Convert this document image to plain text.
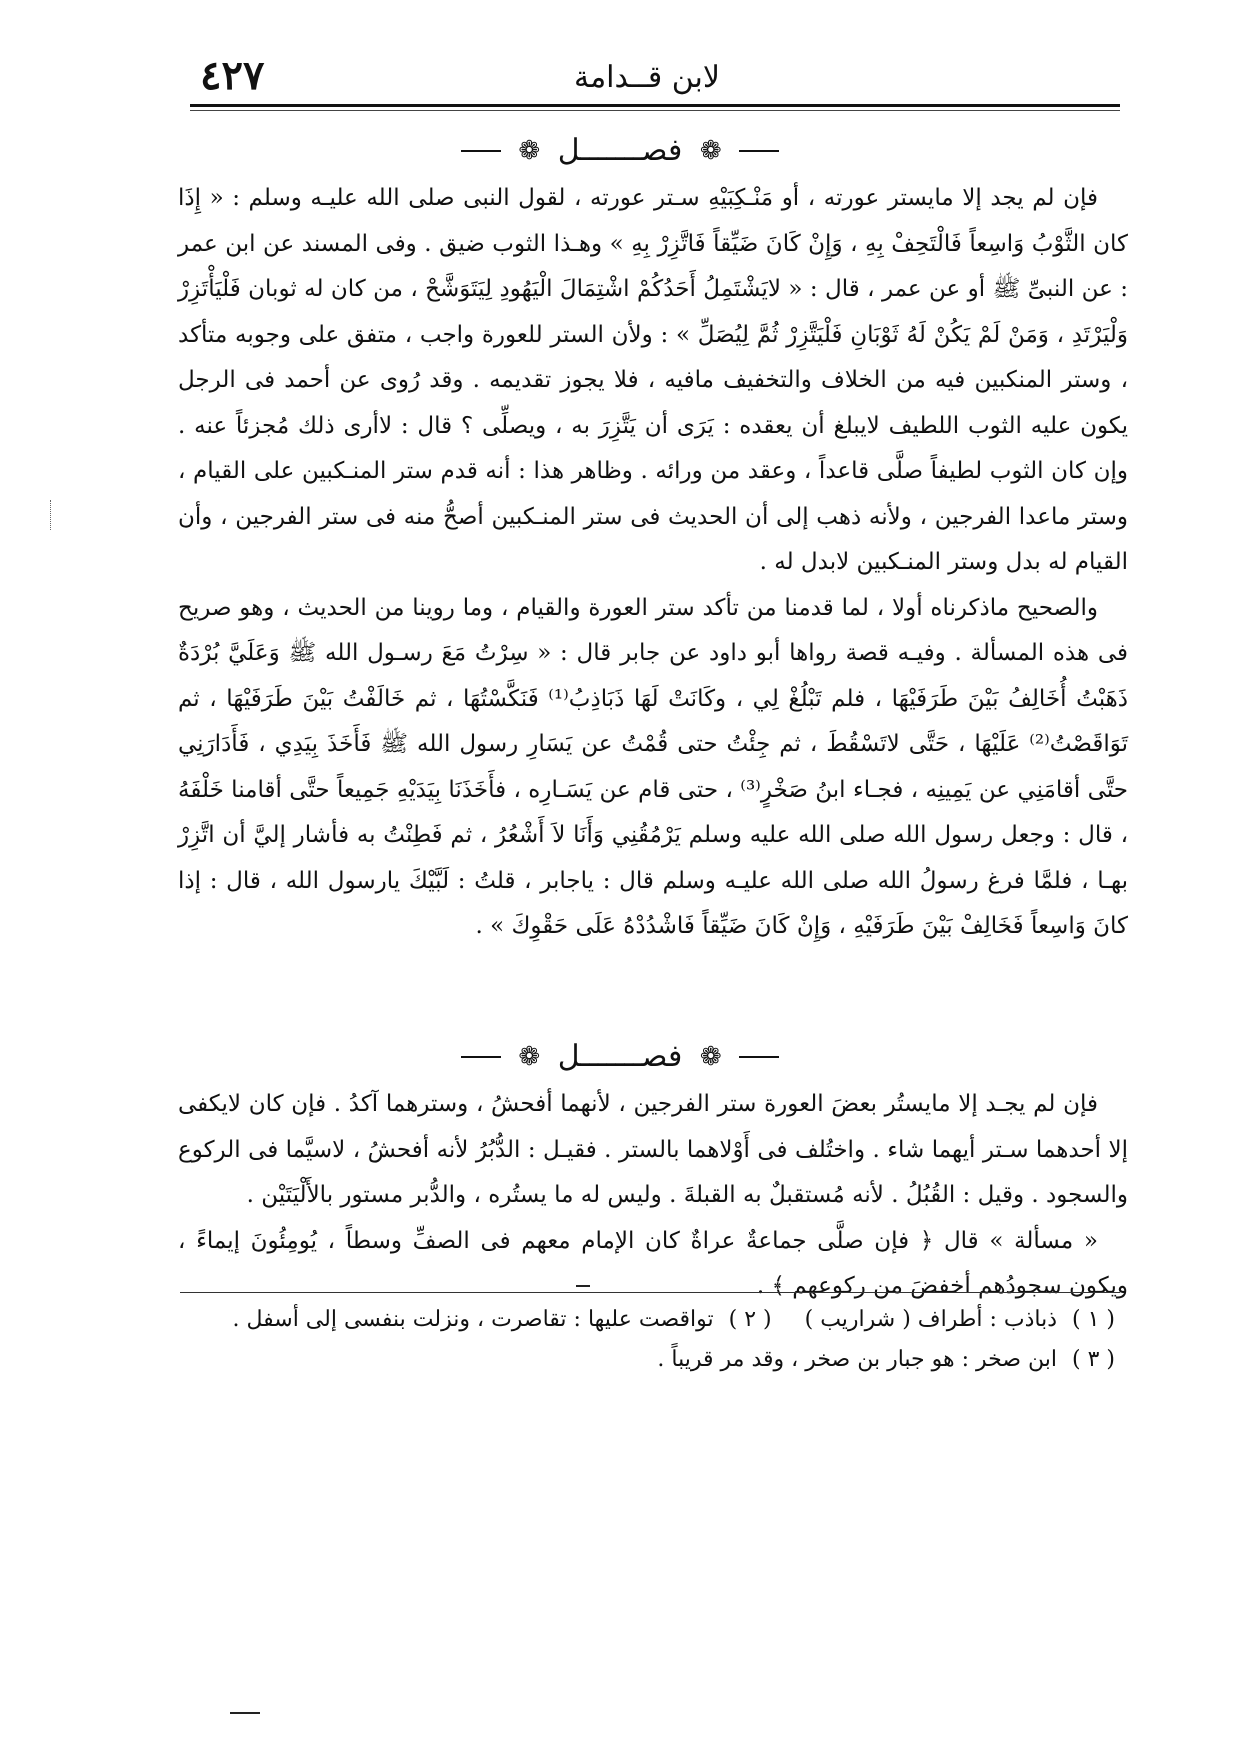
لابن قــدامة
٤٢٧
❁ فصـــــــل ❁

فإن لم يجد إلا مايستر عورته ، أو مَنْـكِبَيْهِ سـتر عورته ، لقول النبى صلى الله عليـه وسلم : « إِذَا كان الثَّوْبُ وَاسِعاً فَالْتَحِفْ بِهِ ، وَإِنْ كَانَ ضَيِّقاً فَاتَّزِرْ بِهِ » وهـذا الثوب ضيق . وفى المسند عن ابن عمر : عن النبىِّ ﷺ أو عن عمر ، قال : « لايَشْتَمِلُ أَحَدُكُمْ اشْتِمَالَ الْيَهُودِ لِيَتَوَشَّحْ ، من كان له ثوبان فَلْيَأْتَزِرْ وَلْيَرْتَدِ ، وَمَنْ لَمْ يَكُنْ لَهُ ثَوْبَانِ فَلْيَتَّزِرْ ثُمَّ لِيُصَلِّ » : ولأن الستر للعورة واجب ، متفق على وجوبه متأكد ، وستر المنكبين فيه من الخلاف والتخفيف مافيه ، فلا يجوز تقديمه . وقد رُوى عن أحمد فى الرجل يكون عليه الثوب اللطيف لايبلغ أن يعقده : يَرَى أن يَتَّزِرَ به ، ويصلِّى ؟ قال : لاأرى ذلك مُجزئاً عنه . وإن كان الثوب لطيفاً صلَّى قاعداً ، وعقد من ورائه . وظاهر هذا : أنه قدم ستر المنـكبين على القيام ، وستر ماعدا الفرجين ، ولأنه ذهب إلى أن الحديث فى ستر المنـكبين أصحُّ منه فى ستر الفرجين ، وأن القيام له بدل وستر المنـكبين لابدل له .

والصحيح ماذكرناه أولا ، لما قدمنا من تأكد ستر العورة والقيام ، وما روينا من الحديث ، وهو صريح فى هذه المسألة . وفيـه قصة رواها أبو داود عن جابر قال : « سِرْتُ مَعَ رسـول الله ﷺ وَعَلَيَّ بُرْدَةٌ ذَهَبْتُ أُخَالِفُ بَيْنَ طَرَفَيْهَا ، فلم تَبْلُغْ لِي ، وكَانَتْ لَهَا ذَبَاذِبُ⁽¹⁾ فَنَكَّسْتُهَا ، ثم خَالَفْتُ بَيْنَ طَرَفَيْهَا ، ثم تَوَاقَصْتُ⁽²⁾ عَلَيْهَا ، حَتَّى لاتَسْقُطَ ، ثم جِئْتُ حتى قُمْتُ عن يَسَارِ رسول الله ﷺ فَأَخَذَ بِيَدِي ، فَأَدَارَنِي حتَّى أقامَنِي عن يَمِينِه ، فجـاء ابنُ صَخْرٍ⁽³⁾ ، حتى قام عن يَسَـارِه ، فأَخَذَنَا بِيَدَيْهِ جَمِيعاً حتَّى أقامنا خَلْفَهُ ، قال : وجعل رسول الله صلى الله عليه وسلم يَرْمُقُنِي وَأَنَا لاَ أَشْعُرُ ، ثم فَطِنْتُ به فأشار إليَّ أن اتَّزِرْ بهـا ، فلمَّا فرغ رسولُ الله صلى الله عليـه وسلم قال : ياجابر ، قلتُ : لَبَّيْكَ يارسول الله ، قال : إذا كانَ وَاسِعاً فَخَالِفْ بَيْنَ طَرَفَيْهِ ، وَإِنْ كَانَ ضَيِّقاً فَاشْدُدْهُ عَلَى حَقْوِكَ » .

❁ فصـــــــل ❁

فإن لم يجـد إلا مايستُر بعضَ العورة ستر الفرجين ، لأنهما أفحشُ ، وسترهما آكدُ . فإن كان لايكفى إلا أحدهما سـتر أيهما شاء . واختُلف فى أَوْلاهما بالستر . فقيـل : الدُّبُرُ لأنه أفحشُ ، لاسيَّما فى الركوع والسجود . وقيل : القُبُلُ . لأنه مُستقبلٌ به القبلةَ . وليس له ما يستُره ، والدُّبر مستور بالأَلْيَتَيْن .

« مسألة » قال ﴿ فإن صلَّى جماعةٌ عراةٌ كان الإمام معهم فى الصفِّ وسطاً ، يُومِئُونَ إيماءً ، ويكون سجودُهم أخفضَ من ركوعهم ﴾ .

( ١ ) ذباذب : أطراف ( شراريب ) ( ٢ ) تواقصت عليها : تقاصرت ، ونزلت بنفسى إلى أسفل .
( ٣ ) ابن صخر : هو جبار بن صخر ، وقد مر قريباً .
